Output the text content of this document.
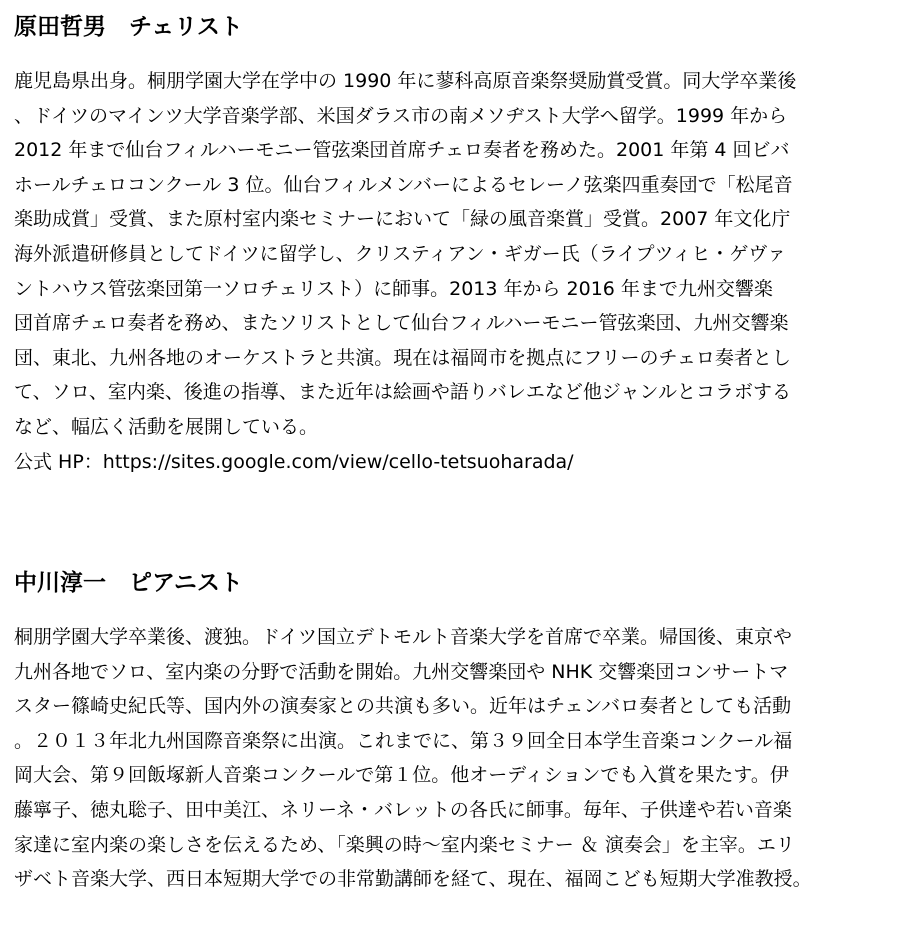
原田哲男　チェリスト
鹿児島県出身。桐朋学園大学在学中の 1990 年に蓼科高原音楽祭奨励賞受賞。同大学卒業後
、ドイツのマインツ大学音楽学部、米国ダラス市の南メソヂスト大学へ留学。1999 年から
2012 年まで仙台フィルハーモニー管弦楽団首席チェロ奏者を務めた。2001 年第 4 回ビバ
ホールチェロコンクール 3 位。仙台フィルメンバーによるセレーノ弦楽四重奏団で「松尾音
楽助成賞」受賞、また原村室内楽セミナーにおいて「緑の風音楽賞」受賞。2007 年文化庁
海外派遣研修員としてドイツに留学し、クリスティアン・ギガー氏（ライプツィヒ・ゲヴァ
ントハウス管弦楽団第一ソロチェリスト）に師事。2013 年から 2016 年まで九州交響楽
団首席チェロ奏者を務め、またソリストとして仙台フィルハーモニー管弦楽団、九州交響楽
団、東北、九州各地のオーケストラと共演。現在は福岡市を拠点にフリーのチェロ奏者とし
て、ソロ、室内楽、後進の指導、また近年は絵画や語りバレエなど他ジャンルとコラボする
など、幅広く活動を展開している。
公式 HP：https://sites.google.com/view/cello-tetsuoharada/
中川淳一　ピアニスト
桐朋学園大学卒業後、渡独。ドイツ国立デトモルト音楽大学を首席で卒業。帰国後、東京や
九州各地でソロ、室内楽の分野で活動を開始。九州交響楽団や NHK 交響楽団コンサートマ
スター篠崎史紀氏等、国内外の演奏家との共演も多い。近年はチェンバロ奏者としても活動
。２０１３年北九州国際音楽祭に出演。これまでに、第３９回全日本学生音楽コンクール福
岡大会、第９回飯塚新人音楽コンクールで第１位。他オーディションでも入賞を果たす。伊
藤寧子、徳丸聡子、田中美江、ネリーネ・バレットの各氏に師事。毎年、子供達や若い音楽
家達に室内楽の楽しさを伝えるため、「楽興の時～室内楽セミナー ＆ 演奏会」を主宰。エリ
ザベト音楽大学、西日本短期大学での非常勤講師を経て、現在、福岡こども短期大学准教授。
